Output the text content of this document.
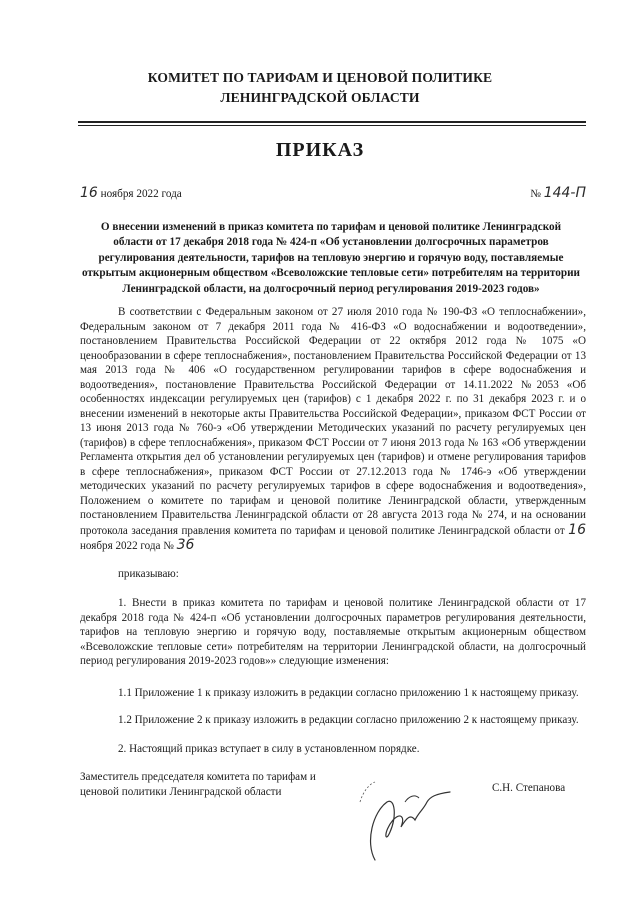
КОМИТЕТ ПО ТАРИФАМ И ЦЕНОВОЙ ПОЛИТИКЕ
ЛЕНИНГРАДСКОЙ ОБЛАСТИ
ПРИКАЗ
16 ноября 2022 года	№ 144-П
О внесении изменений в приказ комитета по тарифам и ценовой политике Ленинградской области от 17 декабря 2018 года № 424-п «Об установлении долгосрочных параметров регулирования деятельности, тарифов на тепловую энергию и горячую воду, поставляемые открытым акционерным обществом «Всеволожские тепловые сети» потребителям на территории Ленинградской области, на долгосрочный период регулирования 2019-2023 годов»
В соответствии с Федеральным законом от 27 июля 2010 года № 190-ФЗ «О теплоснабжении», Федеральным законом от 7 декабря 2011 года № 416-ФЗ «О водоснабжении и водоотведении», постановлением Правительства Российской Федерации от 22 октября 2012 года № 1075 «О ценообразовании в сфере теплоснабжения», постановлением Правительства Российской Федерации от 13 мая 2013 года № 406 «О государственном регулировании тарифов в сфере водоснабжения и водоотведения», постановление Правительства Российской Федерации от 14.11.2022 №2053 «Об особенностях индексации регулируемых цен (тарифов) с 1 декабря 2022 г. по 31 декабря 2023 г. и о внесении изменений в некоторые акты Правительства Российской Федерации», приказом ФСТ России от 13 июня 2013 года № 760-э «Об утверждении Методических указаний по расчету регулируемых цен (тарифов) в сфере теплоснабжения», приказом ФСТ России от 7 июня 2013 года № 163 «Об утверждении Регламента открытия дел об установлении регулируемых цен (тарифов) и отмене регулирования тарифов в сфере теплоснабжения», приказом ФСТ России от 27.12.2013 года № 1746-э «Об утверждении методических указаний по расчету регулируемых тарифов в сфере водоснабжения и водоотведения», Положением о комитете по тарифам и ценовой политике Ленинградской области, утвержденным постановлением Правительства Ленинградской области от 28 августа 2013 года № 274, и на основании протокола заседания правления комитета по тарифам и ценовой политике Ленинградской области от 16 ноября 2022 года № 36
приказываю:
1. Внести в приказ комитета по тарифам и ценовой политике Ленинградской области от 17 декабря 2018 года № 424-п «Об установлении долгосрочных параметров регулирования деятельности, тарифов на тепловую энергию и горячую воду, поставляемые открытым акционерным обществом «Всеволожские тепловые сети» потребителям на территории Ленинградской области, на долгосрочный период регулирования 2019-2023 годов»» следующие изменения:
1.1 Приложение 1 к приказу изложить в редакции согласно приложению 1 к настоящему приказу.
1.2 Приложение 2 к приказу изложить в редакции согласно приложению 2 к настоящему приказу.
2. Настоящий приказ вступает в силу в установленном порядке.
Заместитель председателя комитета по тарифам и
ценовой политики Ленинградской области	С.Н. Степанова
